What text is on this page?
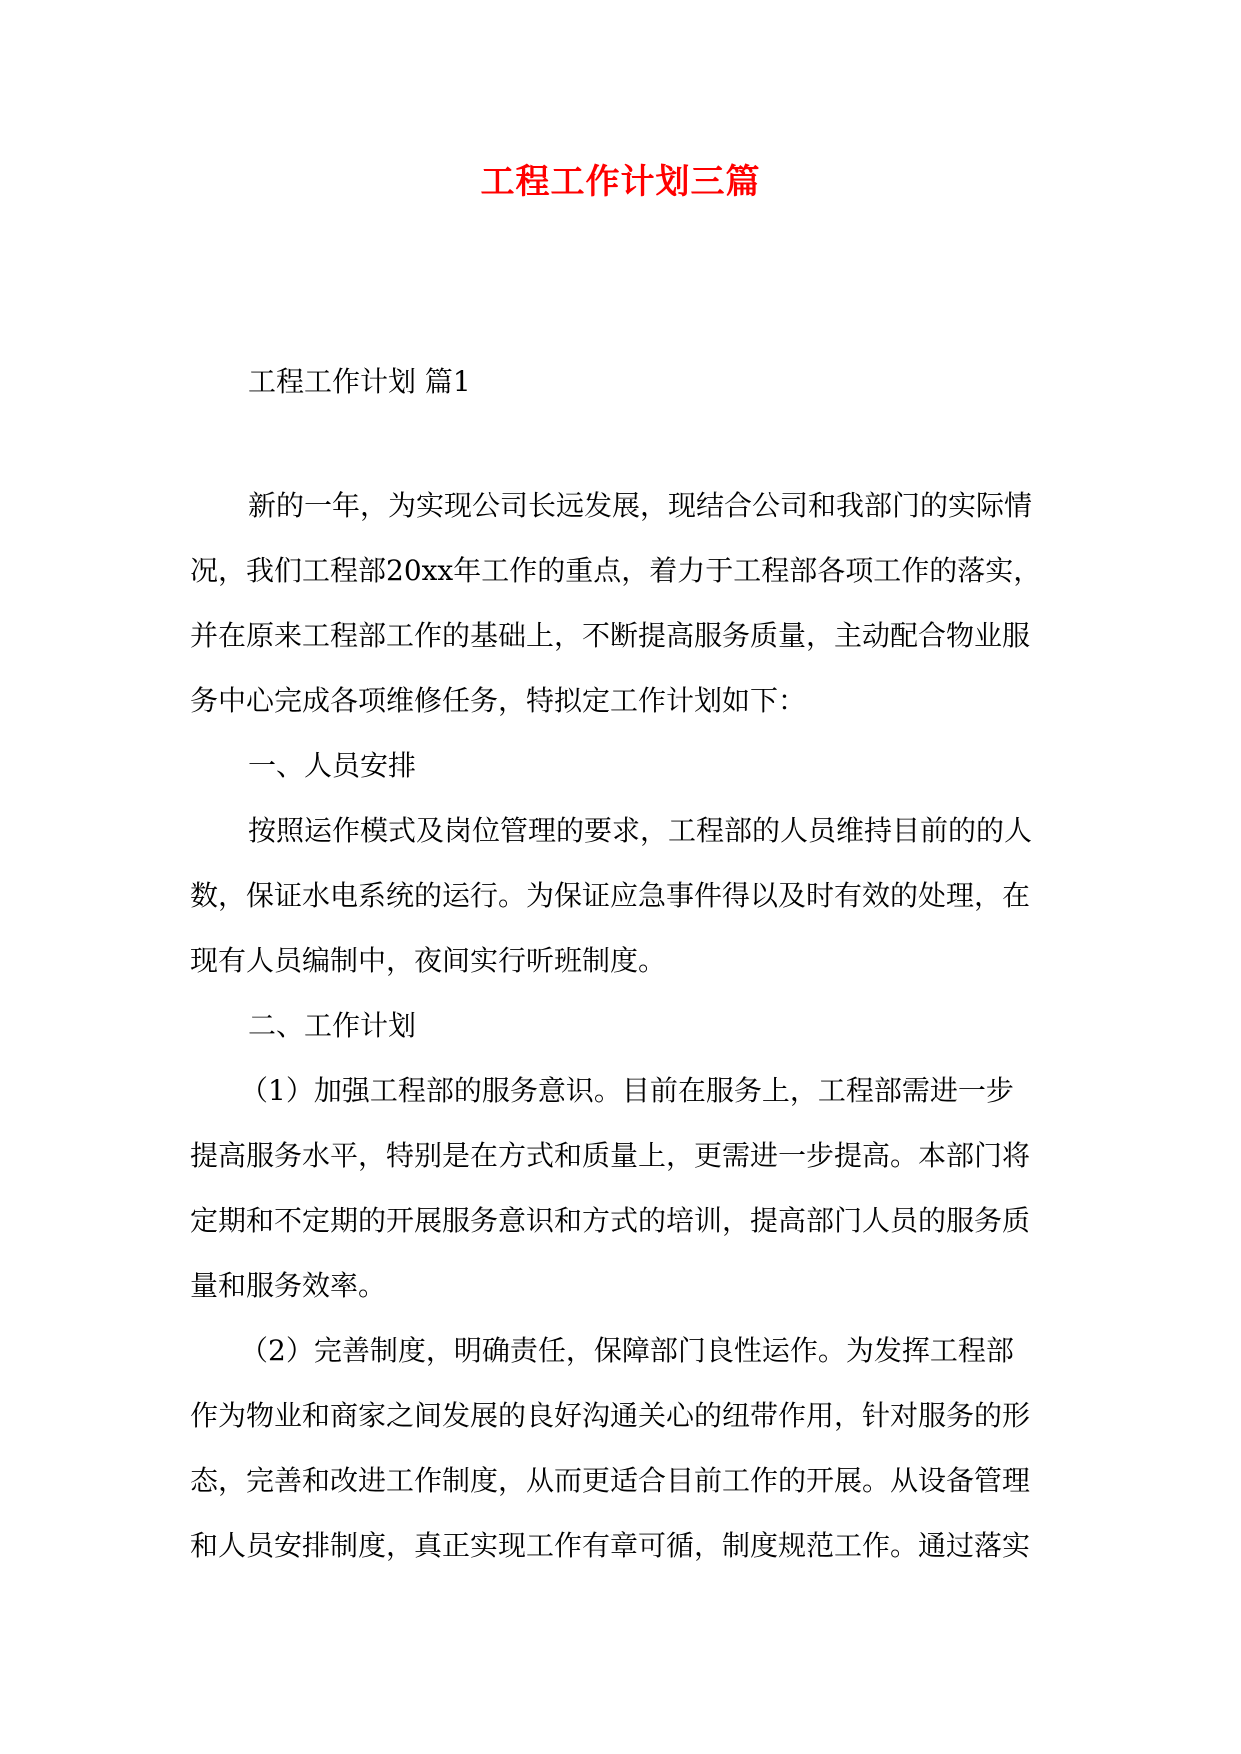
工程工作计划三篇
工程工作计划 篇1
新的一年，为实现公司长远发展，现结合公司和我部门的实际情
况，我们工程部20xx年工作的重点，着力于工程部各项工作的落实，
并在原来工程部工作的基础上，不断提高服务质量，主动配合物业服
务中心完成各项维修任务，特拟定工作计划如下：
一、人员安排
按照运作模式及岗位管理的要求，工程部的人员维持目前的的人
数，保证水电系统的运行。为保证应急事件得以及时有效的处理，在
现有人员编制中，夜间实行听班制度。
二、工作计划
（1）加强工程部的服务意识。目前在服务上，工程部需进一步
提高服务水平，特别是在方式和质量上，更需进一步提高。本部门将
定期和不定期的开展服务意识和方式的培训，提高部门人员的服务质
量和服务效率。
（2）完善制度，明确责任，保障部门良性运作。为发挥工程部
作为物业和商家之间发展的良好沟通关心的纽带作用，针对服务的形
态，完善和改进工作制度，从而更适合目前工作的开展。从设备管理
和人员安排制度，真正实现工作有章可循，制度规范工作。通过落实
